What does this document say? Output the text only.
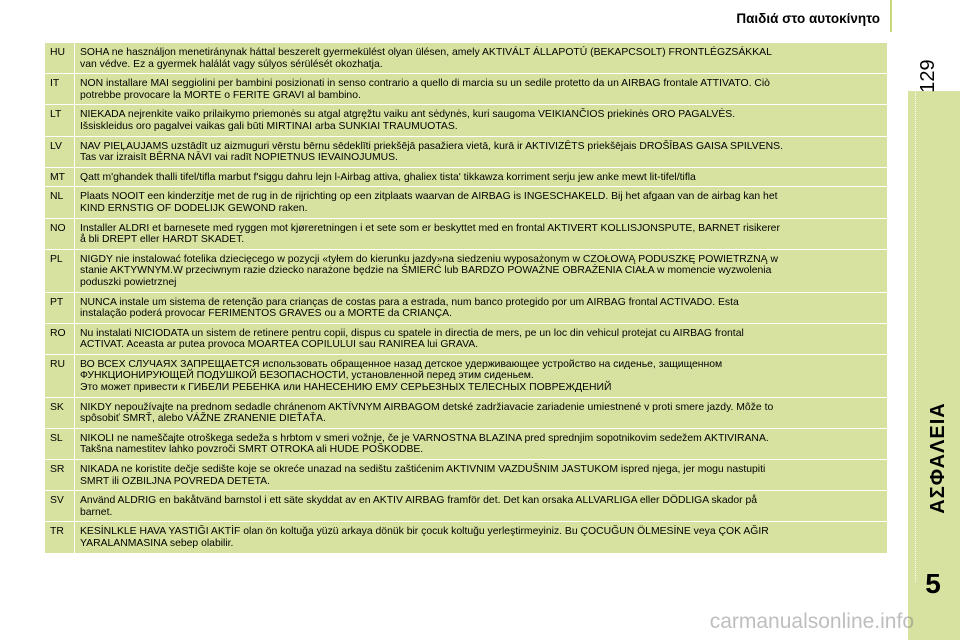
Παιδιά στο αυτοκίνητο
129
ΑΣΦΑΛΕΙΑ
5
HU	SOHA ne használjon menetiránynak háttal beszerelt gyermekülést olyan ülésen, amely AKTIVÁLT ÁLLAPOTÚ (BEKAPCSOLT) FRONTLÉGZSÁKKAL
van védve. Ez a gyermek halálát vagy súlyos sérülését okozhatja.
IT	NON installare MAI seggiolini per bambini posizionati in senso contrario a quello di marcia su un sedile protetto da un AIRBAG frontale ATTIVATO. Ciò
potrebbe provocare la MORTE o FERITE GRAVI al bambino.
LT	NIEKADA nejrenkite vaiko prilaikymo priemonės su atgal atgręžtu vaiku ant sėdynės, kuri saugoma VEIKIANČIOS priekinės ORO PAGALVĖS.
Išsiskleidus oro pagalvei vaikas gali būti MIRTINAI arba SUNKIAI TRAUMUOTAS.
LV	NAV PIEĻAUJAMS uzstādīt uz aizmuguri vērstu bērnu sēdeklīti priekšējā pasažiera vietā, kurā ir AKTIVIZĒTS priekšējais DROŠĪBAS GAISA SPILVENS.
Tas var izraisīt BĒRNA NĀVI vai radīt NOPIETNUS IEVAINOJUMUS.
MT	Qatt m'ghandek thalli tifel/tifla marbut f'siggu dahru lejn l-Airbag attiva, ghaliex tista' tikkawza korriment serju jew anke mewt lit-tifel/tifla
NL	Plaats NOOIT een kinderzitje met de rug in de rijrichting op een zitplaats waarvan de AIRBAG is INGESCHAKELD. Bij het afgaan van de airbag kan het
KIND ERNSTIG OF DODELIJK GEWOND raken.
NO	Installer ALDRI et barnesete med ryggen mot kjøreretningen i et sete som er beskyttet med en frontal AKTIVERT KOLLISJONSPUTE, BARNET risikerer
å bli DREPT eller HARDT SKADET.
PL	NIGDY nie instalować fotelika dziecięcego w pozycji «tyłem do kierunku jazdy»na siedzeniu wyposażonym w CZOŁOWĄ PODUSZKĘ POWIETRZNĄ w
stanie AKTYWNYM.W przeciwnym razie dziecko narażone będzie na ŚMIERĆ lub BARDZO POWAŻNE OBRAŻENIA CIAŁA w momencie wyzwolenia
poduszki powietrznej
PT	NUNCA instale um sistema de retenção para crianças de costas para a estrada, num banco protegido por um AIRBAG frontal ACTIVADO. Esta
instalação poderá provocar FERIMENTOS GRAVES ou a MORTE da CRIANÇA.
RO	Nu instalati NICIODATA un sistem de retinere pentru copii, dispus cu spatele in directia de mers, pe un loc din vehicul protejat cu AIRBAG frontal
ACTIVAT. Aceasta ar putea provoca MOARTEA COPILULUI sau RANIREA lui GRAVA.
RU	ВО ВСЕХ СЛУЧАЯХ ЗАПРЕЩАЕТСЯ использовать обращенное назад детское удерживающее устройство на сиденье, защищенном
ФУНКЦИОНИРУЮЩЕЙ ПОДУШКОЙ БЕЗОПАСНОСТИ, установленной перед этим сиденьем.
Это может привести к ГИБЕЛИ РЕБЕНКА или НАНЕСЕНИЮ ЕМУ СЕРЬЕЗНЫХ ТЕЛЕСНЫХ ПОВРЕЖДЕНИЙ
SK	NIKDY nepoužívajte na prednom sedadle chránenom AKTÍVNYM AIRBAGOM detské zadržiavacie zariadenie umiestnené v proti smere jazdy. Môže to
spôsobiť SMRŤ, alebo VÁŽNE ZRANENIE DIEŤAŤA.
SL	NIKOLI ne nameščajte otroškega sedeža s hrbtom v smeri vožnje, če je VARNOSTNA BLAZINA pred sprednjim sopotnikovim sedežem AKTIVIRANA.
Takšna namestitev lahko povzroči SMRT OTROKA ali HUDE POŠKODBE.
SR	NIKADA ne koristite dečje sedište koje se okreće unazad na sedištu zaštićenim AKTIVNIM VAZDUŠNIM JASTUKOM ispred njega, jer mogu nastupiti
SMRT ili OZBILJNA POVREDA DETETA.
SV	Använd ALDRIG en bakåtvänd barnstol i ett säte skyddat av en AKTIV AIRBAG framför det. Det kan orsaka ALLVARLIGA eller DÖDLIGA skador på
barnet.
TR	KESİNLKLE HAVA YASTIĞI AKTİF olan ön koltuğa yüzü arkaya dönük bir çocuk koltuğu yerleştirmeyiniz. Bu ÇOCUĞUN ÖLMESİNE veya ÇOK AĞIR
YARALANMASINA sebep olabilir.
carmanualsonline.info
